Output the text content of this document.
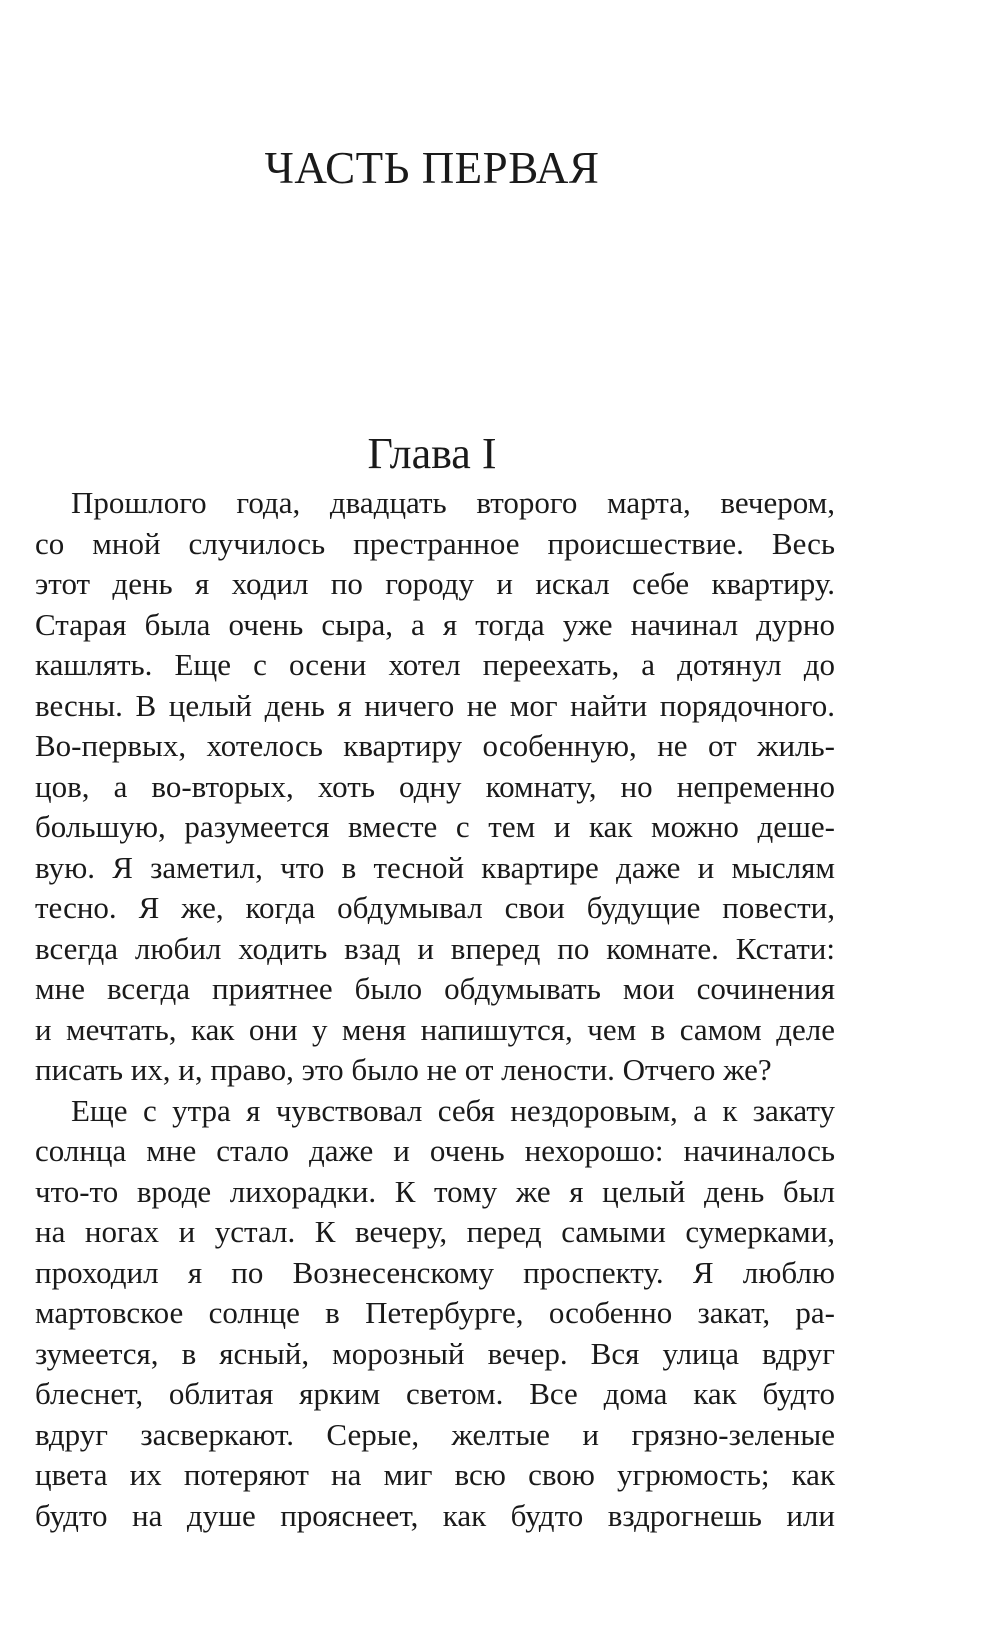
ЧАСТЬ ПЕРВАЯ
Глава I
Прошлого года, двадцать второго марта, вечером,
со мной случилось престранное происшествие. Весь
этот день я ходил по городу и искал себе квартиру.
Старая была очень сыра, а я тогда уже начинал дурно
кашлять. Еще с осени хотел переехать, а дотянул до
весны. В целый день я ничего не мог найти порядочного.
Во-первых, хотелось квартиру особенную, не от жиль-
цов, а во-вторых, хоть одну комнату, но непременно
большую, разумеется вместе с тем и как можно деше-
вую. Я заметил, что в тесной квартире даже и мыслям
тесно. Я же, когда обдумывал свои будущие повести,
всегда любил ходить взад и вперед по комнате. Кстати:
мне всегда приятнее было обдумывать мои сочинения
и мечтать, как они у меня напишутся, чем в самом деле
писать их, и, право, это было не от лености. Отчего же?
Еще с утра я чувствовал себя нездоровым, а к закату
солнца мне стало даже и очень нехорошо: начиналось
что-то вроде лихорадки. К тому же я целый день был
на ногах и устал. К вечеру, перед самыми сумерками,
проходил я по Вознесенскому проспекту. Я люблю
мартовское солнце в Петербурге, особенно закат, ра-
зумеется, в ясный, морозный вечер. Вся улица вдруг
блеснет, облитая ярким светом. Все дома как будто
вдруг засверкают. Серые, желтые и грязно-зеленые
цвета их потеряют на миг всю свою угрюмость; как
будто на душе прояснеет, как будто вздрогнешь или
